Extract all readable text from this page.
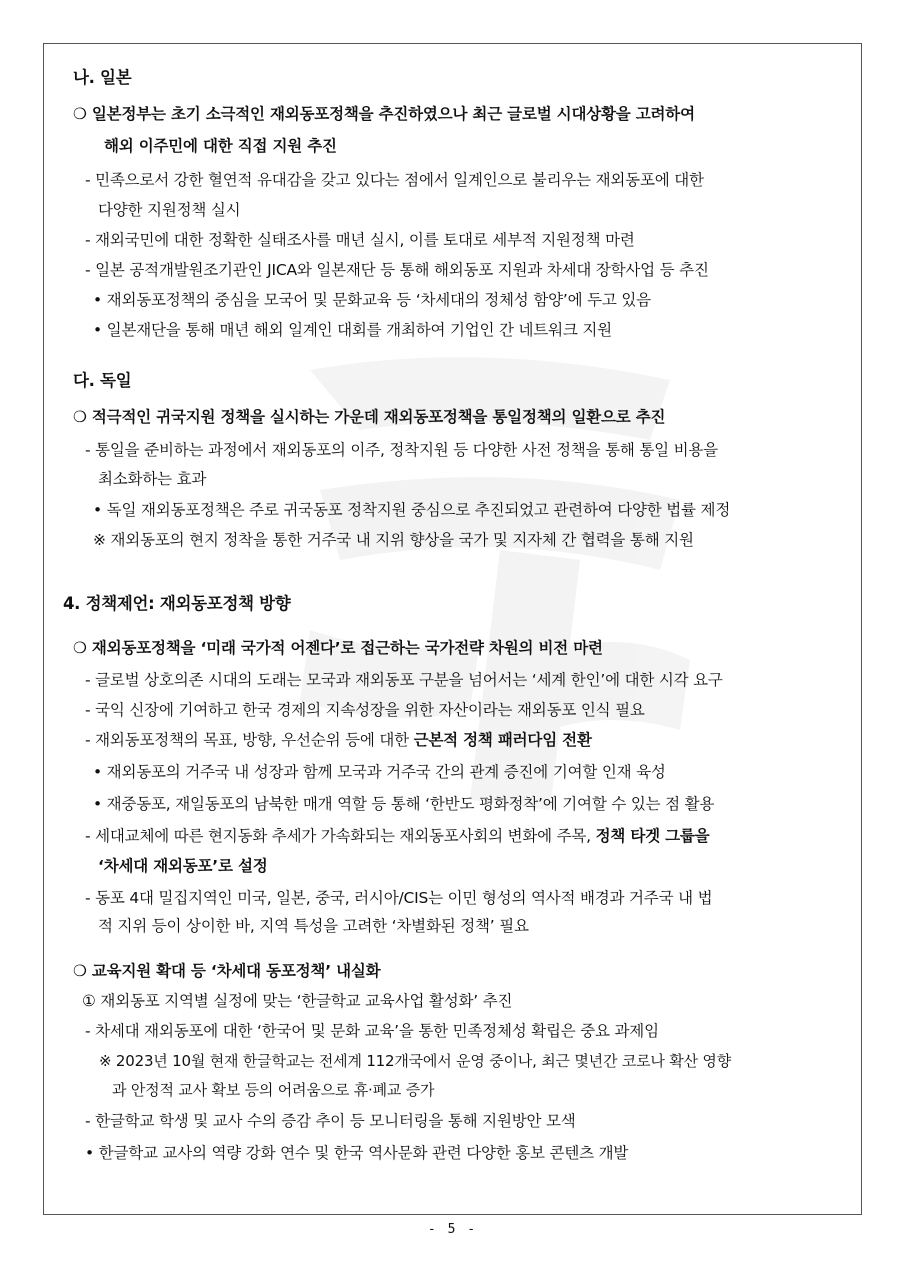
나. 일본
❍ 일본정부는 초기 소극적인 재외동포정책을 추진하였으나 최근 글로벌 시대상황을 고려하여
해외 이주민에 대한 직접 지원 추진
- 민족으로서 강한 혈연적 유대감을 갖고 있다는 점에서 일계인으로 불리우는 재외동포에 대한
다양한 지원정책 실시
- 재외국민에 대한 정확한 실태조사를 매년 실시, 이를 토대로 세부적 지원정책 마련
- 일본 공적개발원조기관인 JICA와 일본재단 등 통해 해외동포 지원과 차세대 장학사업 등 추진
• 재외동포정책의 중심을 모국어 및 문화교육 등 ‘차세대의 정체성 함양’에 두고 있음
• 일본재단을 통해 매년 해외 일계인 대회를 개최하여 기업인 간 네트워크 지원
다. 독일
❍ 적극적인 귀국지원 정책을 실시하는 가운데 재외동포정책을 통일정책의 일환으로 추진
- 통일을 준비하는 과정에서 재외동포의 이주, 정착지원 등 다양한 사전 정책을 통해 통일 비용을
최소화하는 효과
• 독일 재외동포정책은 주로 귀국동포 정착지원 중심으로 추진되었고 관련하여 다양한 법률 제정
※ 재외동포의 현지 정착을 통한 거주국 내 지위 향상을 국가 및 지자체 간 협력을 통해 지원
4. 정책제언: 재외동포정책 방향
❍ 재외동포정책을 ‘미래 국가적 어젠다’로 접근하는 국가전략 차원의 비전 마련
- 글로벌 상호의존 시대의 도래는 모국과 재외동포 구분을 넘어서는 ‘세계 한인’에 대한 시각 요구
- 국익 신장에 기여하고 한국 경제의 지속성장을 위한 자산이라는 재외동포 인식 필요
- 재외동포정책의 목표, 방향, 우선순위 등에 대한 근본적 정책 패러다임 전환
• 재외동포의 거주국 내 성장과 함께 모국과 거주국 간의 관계 증진에 기여할 인재 육성
• 재중동포, 재일동포의 남북한 매개 역할 등 통해 ‘한반도 평화정착’에 기여할 수 있는 점 활용
- 세대교체에 따른 현지동화 추세가 가속화되는 재외동포사회의 변화에 주목, 정책 타겟 그룹을
‘차세대 재외동포’로 설정
- 동포 4대 밀집지역인 미국, 일본, 중국, 러시아/CIS는 이민 형성의 역사적 배경과 거주국 내 법
적 지위 등이 상이한 바, 지역 특성을 고려한 ‘차별화된 정책’ 필요
❍ 교육지원 확대 등 ‘차세대 동포정책’ 내실화
① 재외동포 지역별 실정에 맞는 ‘한글학교 교육사업 활성화’ 추진
- 차세대 재외동포에 대한 ‘한국어 및 문화 교육’을 통한 민족정체성 확립은 중요 과제임
※ 2023년 10월 현재 한글학교는 전세계 112개국에서 운영 중이나, 최근 몇년간 코로나 확산 영향
과 안정적 교사 확보 등의 어려움으로 휴·폐교 증가
- 한글학교 학생 및 교사 수의 증감 추이 등 모니터링을 통해 지원방안 모색
• 한글학교 교사의 역량 강화 연수 및 한국 역사문화 관련 다양한 홍보 콘텐츠 개발
- 5 -
